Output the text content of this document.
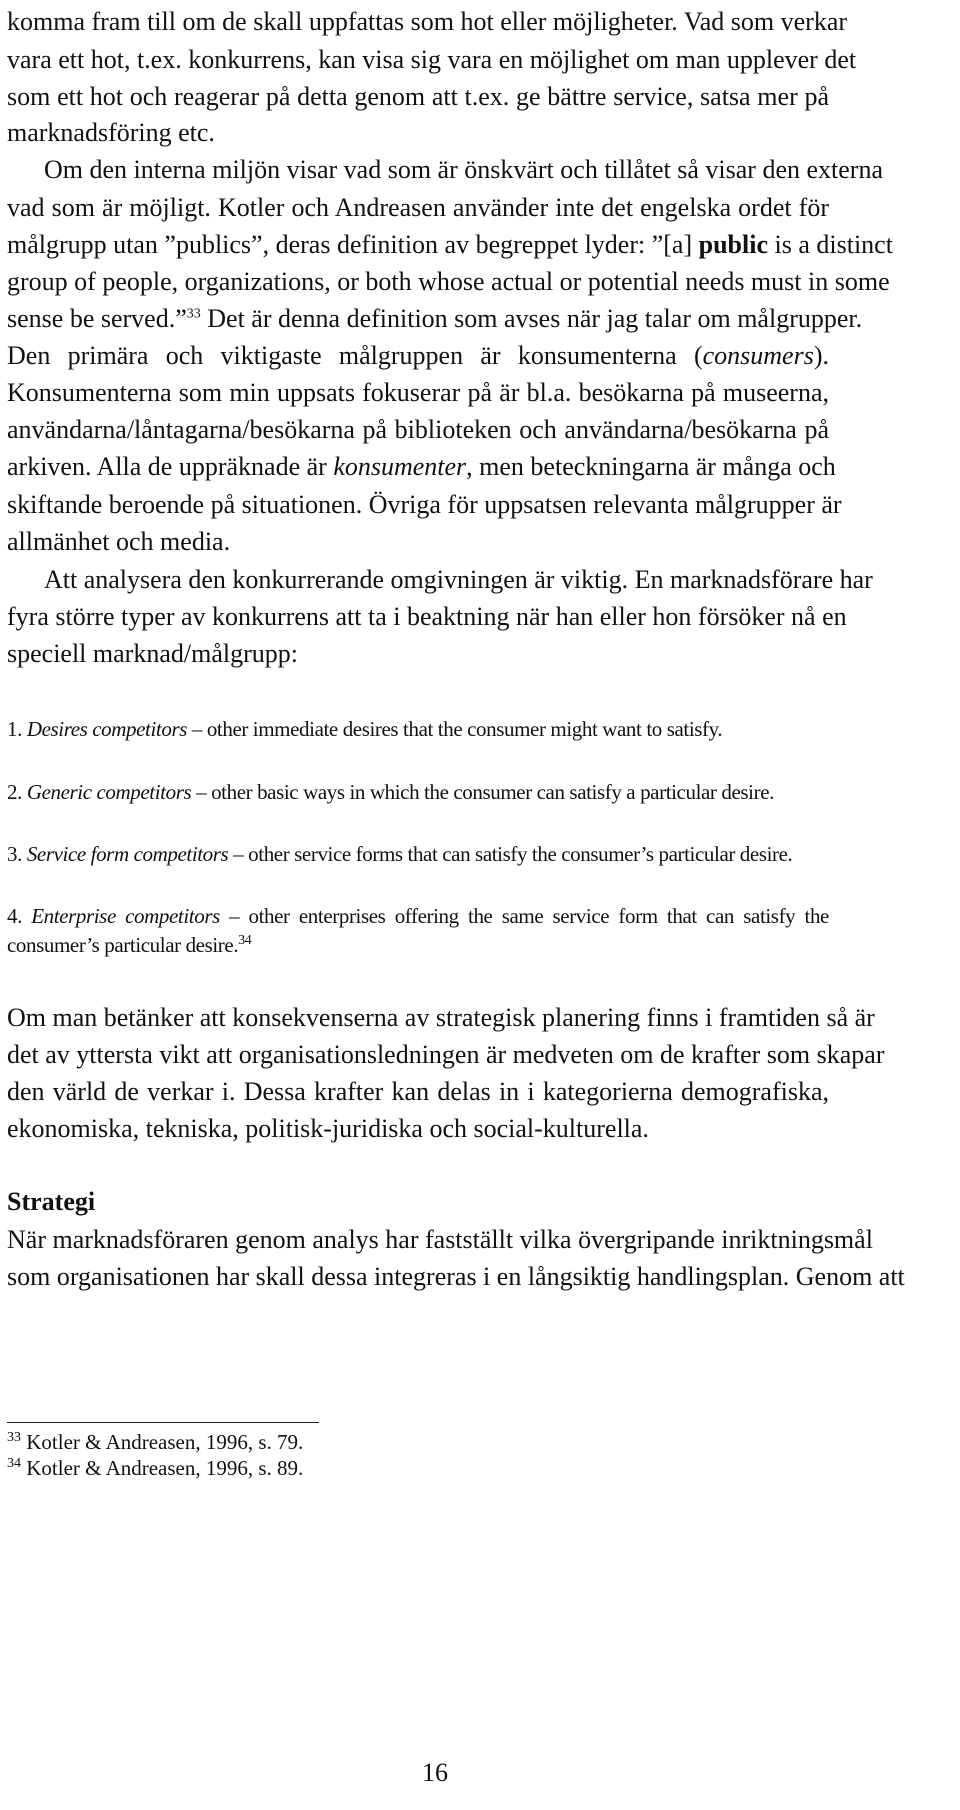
komma fram till om de skall uppfattas som hot eller möjligheter. Vad som verkar
vara ett hot, t.ex. konkurrens, kan visa sig vara en möjlighet om man upplever det
som ett hot och reagerar på detta genom att t.ex. ge bättre service, satsa mer på
marknadsföring etc.
Om den interna miljön visar vad som är önskvärt och tillåtet så visar den externa
vad som är möjligt. Kotler och Andreasen använder inte det engelska ordet för
målgrupp utan ”publics”, deras definition av begreppet lyder: ”[a] public is a distinct
group of people, organizations, or both whose actual or potential needs must in some
sense be served.”$^{33}$ Det är denna definition som avses när jag talar om målgrupper.
Den primära och viktigaste målgruppen är konsumenterna (consumers).
Konsumenterna som min uppsats fokuserar på är bl.a. besökarna på museerna,
användarna/låntagarna/besökarna på biblioteken och användarna/besökarna på
arkiven. Alla de uppräknade är konsumenter, men beteckningarna är många och
skiftande beroende på situationen. Övriga för uppsatsen relevanta målgrupper är
allmänhet och media.
Att analysera den konkurrerande omgivningen är viktig. En marknadsförare har
fyra större typer av konkurrens att ta i beaktning när han eller hon försöker nå en
speciell marknad/målgrupp:
1. Desires competitors – other immediate desires that the consumer might want to satisfy.
2. Generic competitors – other basic ways in which the consumer can satisfy a particular desire.
3. Service form competitors – other service forms that can satisfy the consumer’s particular desire.
4. Enterprise competitors – other enterprises offering the same service form that can satisfy the
consumer’s particular desire.$^{34}$
Om man betänker att konsekvenserna av strategisk planering finns i framtiden så är
det av yttersta vikt att organisationsledningen är medveten om de krafter som skapar
den värld de verkar i. Dessa krafter kan delas in i kategorierna demografiska,
ekonomiska, tekniska, politisk-juridiska och social-kulturella.
Strategi
När marknadsföraren genom analys har fastställt vilka övergripande inriktningsmål
som organisationen har skall dessa integreras i en långsiktig handlingsplan. Genom att
$^{33}$ Kotler & Andreasen, 1996, s. 79.
$^{34}$ Kotler & Andreasen, 1996, s. 89.
16
